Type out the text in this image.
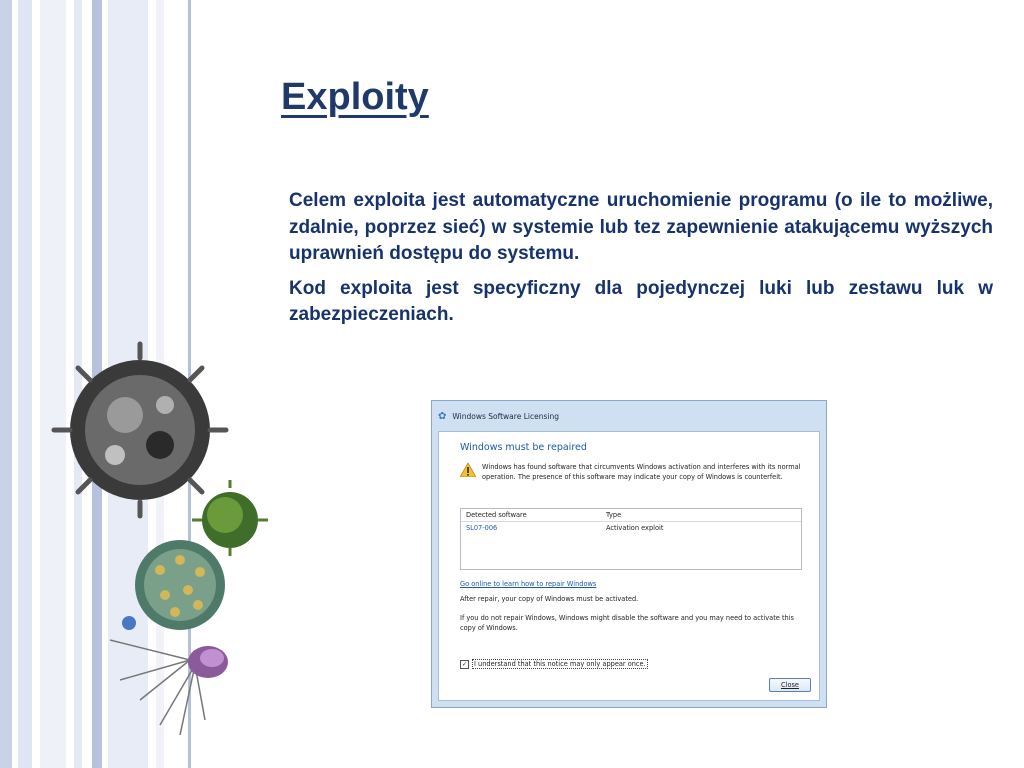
Exploity

Celem exploita jest automatyczne uruchomienie programu (o ile to możliwe, zdalnie, poprzez sieć) w systemie lub tez zapewnienie atakującemu wyższych uprawnień dostępu do systemu.

Kod exploita jest specyficzny dla pojedynczej luki lub zestawu luk w zabezpieczeniach.

✿ Windows Software Licensing
Windows must be repaired
Windows has found software that circumvents Windows activation and interferes with its normal operation. The presence of this software may indicate your copy of Windows is counterfeit.
Detected software	Type
SL07-006	Activation exploit
Go online to learn how to repair Windows
After repair, your copy of Windows must be activated.
If you do not repair Windows, Windows might disable the software and you may need to activate this copy of Windows.
✓	I understand that this notice may only appear once.
Close
